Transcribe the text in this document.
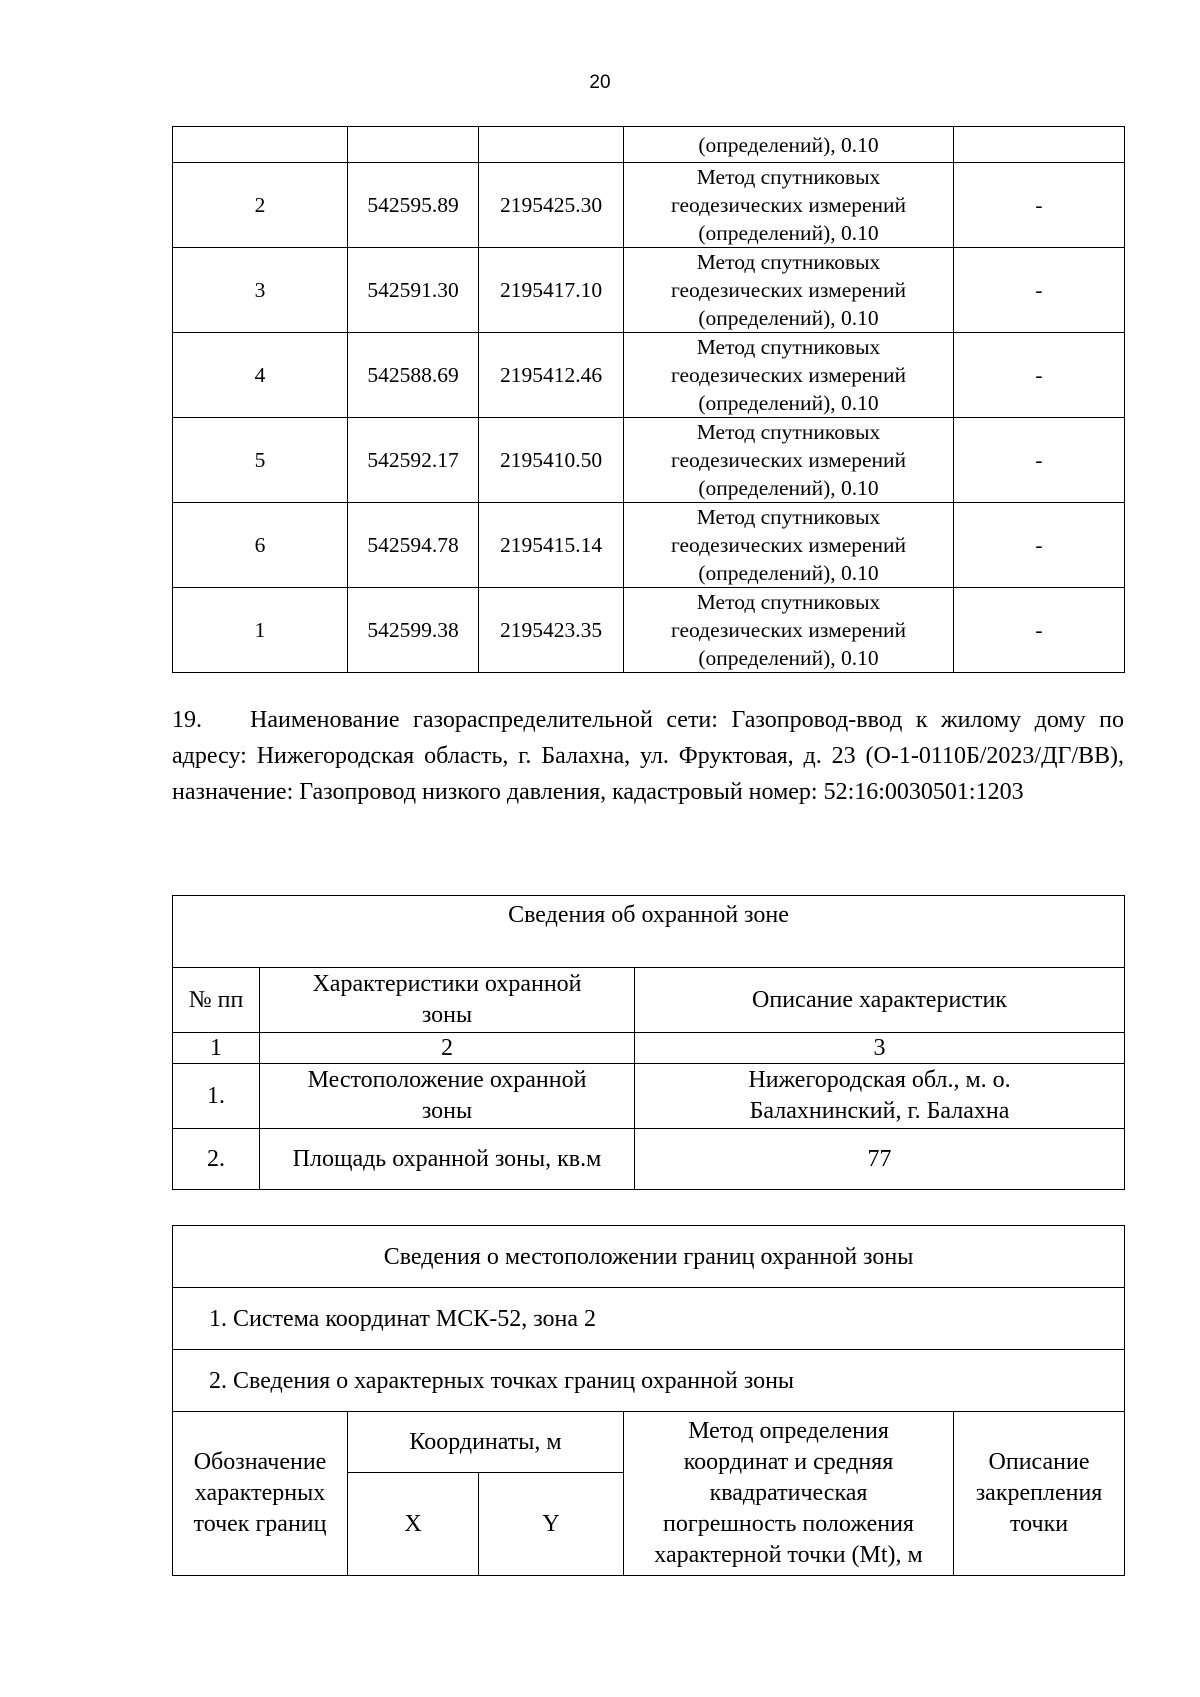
20
			(определений), 0.10	
2	542595.89	2195425.30	Метод спутниковых
геодезических измерений
(определений), 0.10	-
3	542591.30	2195417.10	Метод спутниковых
геодезических измерений
(определений), 0.10	-
4	542588.69	2195412.46	Метод спутниковых
геодезических измерений
(определений), 0.10	-
5	542592.17	2195410.50	Метод спутниковых
геодезических измерений
(определений), 0.10	-
6	542594.78	2195415.14	Метод спутниковых
геодезических измерений
(определений), 0.10	-
1	542599.38	2195423.35	Метод спутниковых
геодезических измерений
(определений), 0.10	-
19. Наименование газораспределительной сети: Газопровод-ввод к жилому дому по адресу: Нижегородская область, г. Балахна, ул. Фруктовая, д. 23 (О-1-0110Б/2023/ДГ/ВВ), назначение: Газопровод низкого давления, кадастровый номер: 52:16:0030501:1203
Сведения об охранной зоне		
№ пп	Характеристики охранной
зоны	Описание характеристик
1	2	3
1.	Местоположение охранной
зоны	Нижегородская обл., м. о.
Балахнинский, г. Балахна
2.	Площадь охранной зоны, кв.м	77
Сведения о местоположении границ охранной зоны				
1. Система координат МСК-52, зона 2				
2. Сведения о характерных точках границ охранной зоны				
Обозначение
характерных
точек границ	Координаты, м		Метод определения
координат и средняя
квадратическая
погрешность положения
характерной точки (Mt), м	Описание
закрепления
точки
	X	Y		
